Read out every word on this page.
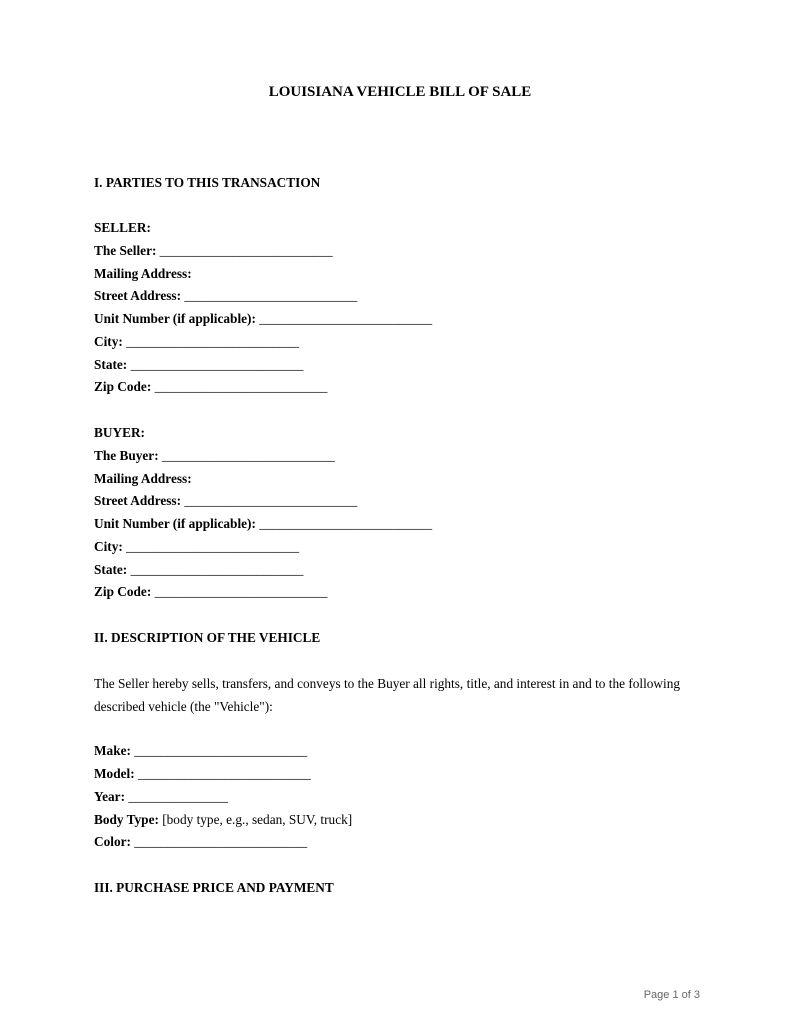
LOUISIANA VEHICLE BILL OF SALE
I. PARTIES TO THIS TRANSACTION
SELLER:
The Seller: __________________________
Mailing Address:
Street Address: __________________________
Unit Number (if applicable): __________________________
City: __________________________
State: __________________________
Zip Code: __________________________
BUYER:
The Buyer: __________________________
Mailing Address:
Street Address: __________________________
Unit Number (if applicable): __________________________
City: __________________________
State: __________________________
Zip Code: __________________________
II. DESCRIPTION OF THE VEHICLE
The Seller hereby sells, transfers, and conveys to the Buyer all rights, title, and interest in and to the following described vehicle (the "Vehicle"):
Make: __________________________
Model: __________________________
Year: _______________
Body Type: [body type, e.g., sedan, SUV, truck]
Color: __________________________
III. PURCHASE PRICE AND PAYMENT
Page 1 of 3
